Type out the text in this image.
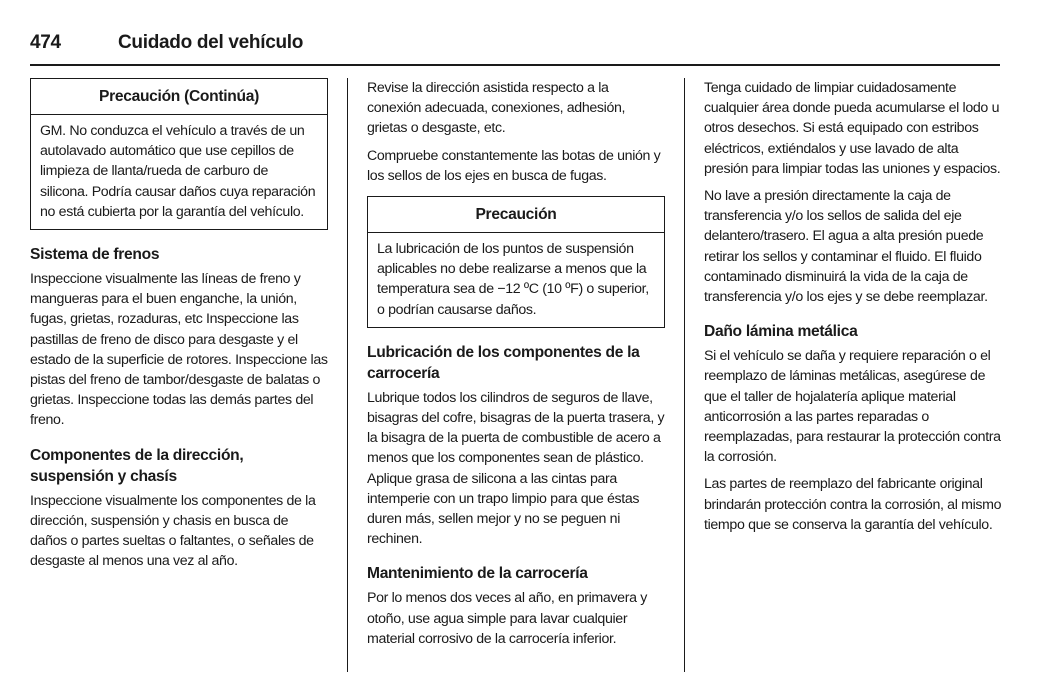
474	Cuidado del vehículo
Precaución (Continúa)
GM. No conduzca el vehículo a través de un autolavado automático que use cepillos de limpieza de llanta/rueda de carburo de silicona. Podría causar daños cuya reparación no está cubierta por la garantía del vehículo.
Sistema de frenos

Inspeccione visualmente las líneas de freno y mangueras para el buen enganche, la unión, fugas, grietas, rozaduras, etc Inspeccione las pastillas de freno de disco para desgaste y el estado de la superficie de rotores. Inspeccione las pistas del freno de tambor/desgaste de balatas o grietas. Inspeccione todas las demás partes del freno.

Componentes de la dirección, suspensión y chasís

Inspeccione visualmente los componentes de la dirección, suspensión y chasis en busca de daños o partes sueltas o faltantes, o señales de desgaste al menos una vez al año.

Revise la dirección asistida respecto a la conexión adecuada, conexiones, adhesión, grietas o desgaste, etc.

Compruebe constantemente las botas de unión y los sellos de los ejes en busca de fugas.

Precaución
La lubricación de los puntos de suspensión aplicables no debe realizarse a menos que la temperatura sea de −12 ºC (10 ºF) o superior, o podrían causarse daños.
Lubricación de los componentes de la carrocería

Lubrique todos los cilindros de seguros de llave, bisagras del cofre, bisagras de la puerta trasera, y la bisagra de la puerta de combustible de acero a menos que los componentes sean de plástico. Aplique grasa de silicona a las cintas para intemperie con un trapo limpio para que éstas duren más, sellen mejor y no se peguen ni rechinen.

Mantenimiento de la carrocería

Por lo menos dos veces al año, en primavera y otoño, use agua simple para lavar cualquier material corrosivo de la carrocería inferior.

Tenga cuidado de limpiar cuidadosamente cualquier área donde pueda acumularse el lodo u otros desechos. Si está equipado con estribos eléctricos, extiéndalos y use lavado de alta presión para limpiar todas las uniones y espacios.

No lave a presión directamente la caja de transferencia y/o los sellos de salida del eje delantero/trasero. El agua a alta presión puede retirar los sellos y contaminar el fluido. El fluido contaminado disminuirá la vida de la caja de transferencia y/o los ejes y se debe reemplazar.

Daño lámina metálica

Si el vehículo se daña y requiere reparación o el reemplazo de láminas metálicas, asegúrese de que el taller de hojalatería aplique material anticorrosión a las partes reparadas o reemplazadas, para restaurar la protección contra la corrosión.

Las partes de reemplazo del fabricante original brindarán protección contra la corrosión, al mismo tiempo que se conserva la garantía del vehículo.
